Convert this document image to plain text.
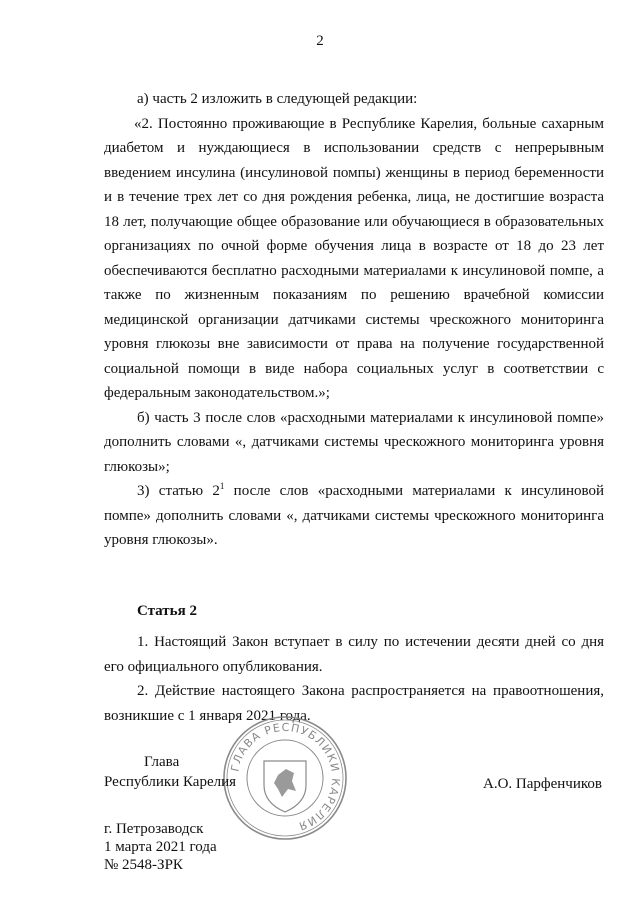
2

а) часть 2 изложить в следующей редакции:

«2. Постоянно проживающие в Республике Карелия, больные сахарным диабетом и нуждающиеся в использовании средств с непрерывным введением инсулина (инсулиновой помпы) женщины в период беременности и в течение трех лет со дня рождения ребенка, лица, не достигшие возраста 18 лет, получающие общее образование или обучающиеся в образовательных организациях по очной форме обучения лица в возрасте от 18 до 23 лет обеспечиваются бесплатно расходными материалами к инсулиновой помпе, а также по жизненным показаниям по решению врачебной комиссии медицинской организации датчиками системы чрескожного мониторинга уровня глюкозы вне зависимости от права на получение государственной социальной помощи в виде набора социальных услуг в соответствии с федеральным законодательством.»;

б) часть 3 после слов «расходными материалами к инсулиновой помпе» дополнить словами «, датчиками системы чрескожного мониторинга уровня глюкозы»;

3) статью $2^1$ после слов «расходными материалами к инсулиновой помпе» дополнить словами «, датчиками системы чрескожного мониторинга уровня глюкозы».

Статья 2

1. Настоящий Закон вступает в силу по истечении десяти дней со дня его официального опубликования.

2. Действие настоящего Закона распространяется на правоотношения, возникшие с 1 января 2021 года.

ГЛАВА РЕСПУБЛИКИ КАРЕЛИЯ
Глава
Республики Карелия	А.О. Парфенчиков
г. Петрозаводск
1 марта 2021 года
№ 2548-ЗРК
